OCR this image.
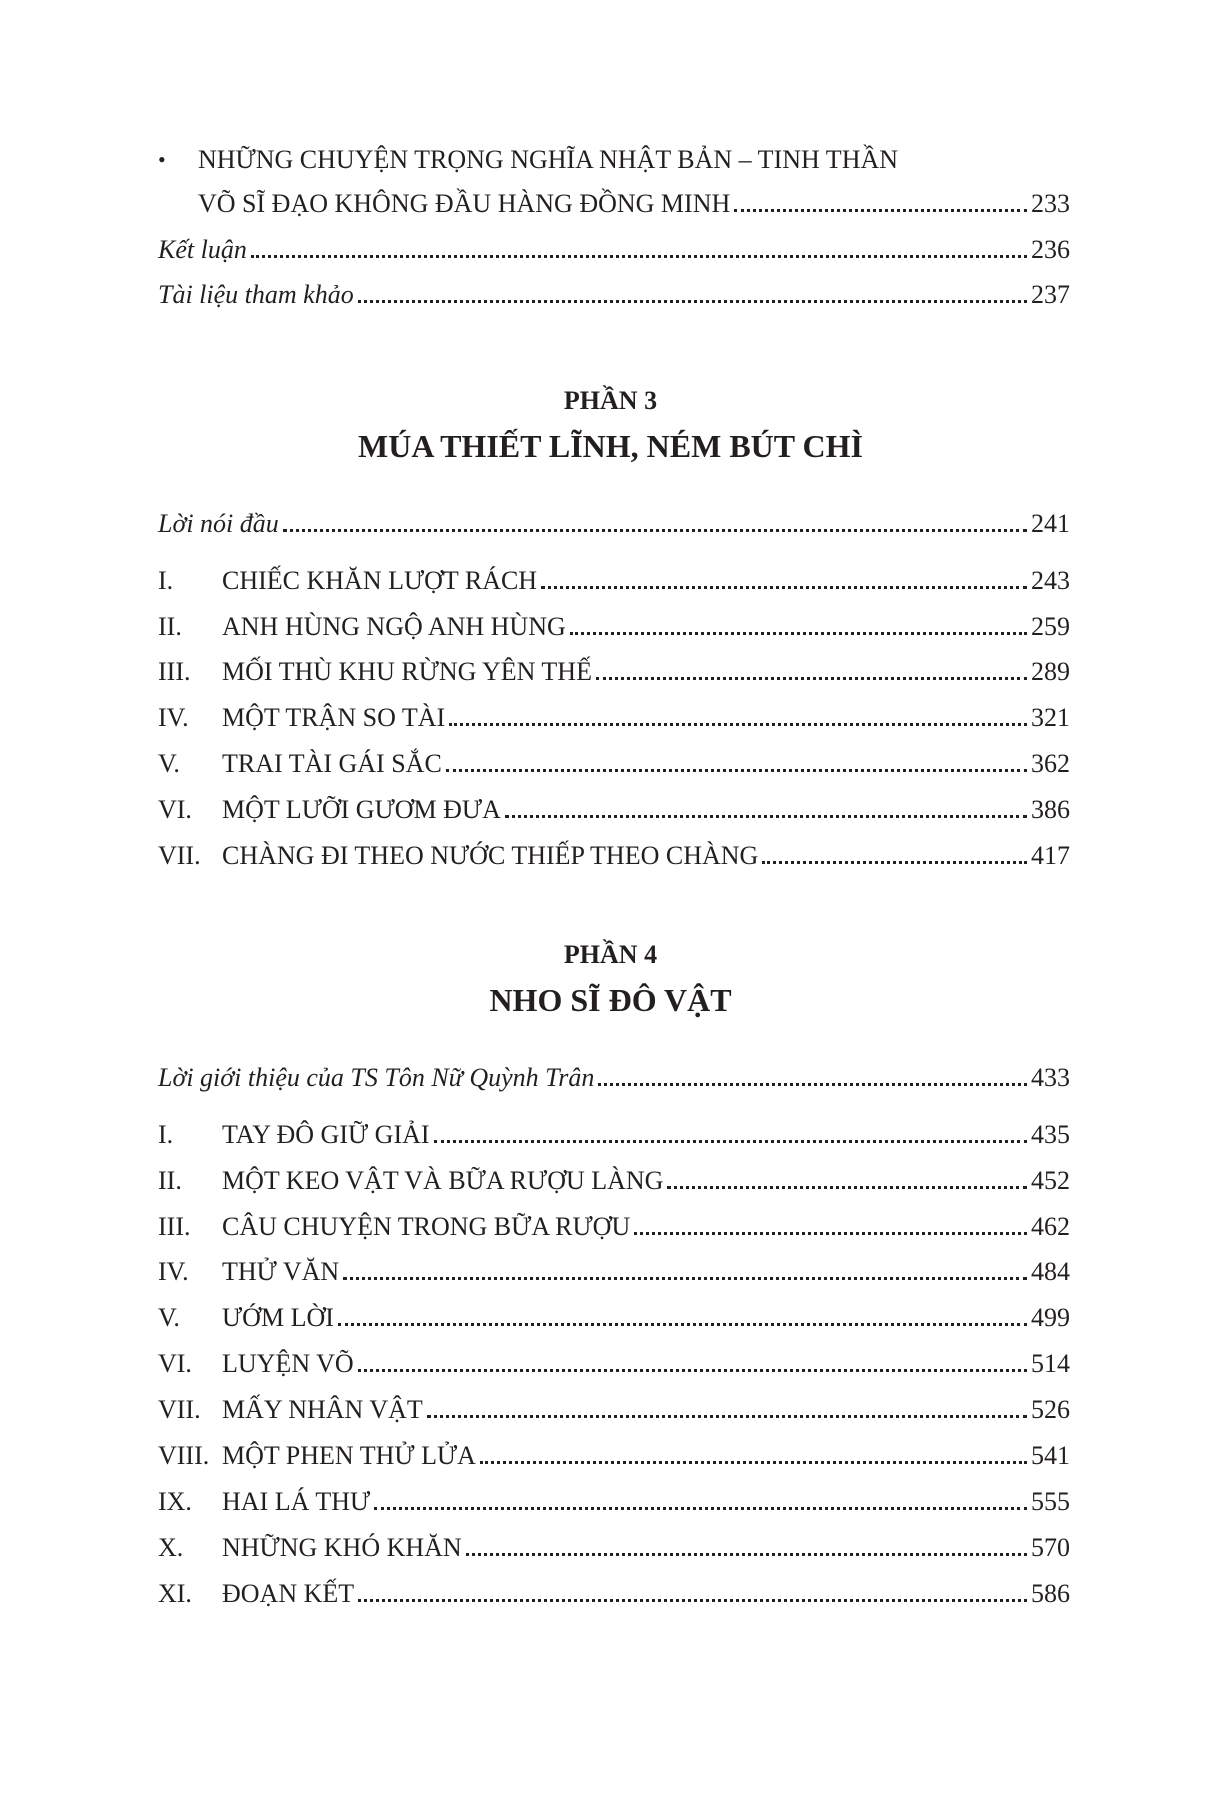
•	NHỮNG CHUYỆN TRỌNG NGHĨA NHẬT BẢN – TINH THẦN
VÕ SĨ ĐẠO KHÔNG ĐẦU HÀNG ĐỒNG MINH	233
Kết luận	236
Tài liệu tham khảo	237
PHẦN 3
MÚA THIẾT LĨNH, NÉM BÚT CHÌ
Lời nói đầu	241
I.	CHIẾC KHĂN LƯỢT RÁCH	243
II.	ANH HÙNG NGỘ ANH HÙNG	259
III.	MỐI THÙ KHU RỪNG YÊN THẾ	289
IV.	MỘT TRẬN SO TÀI	321
V.	TRAI TÀI GÁI SẮC	362
VI.	MỘT LƯỠI GƯƠM ĐƯA	386
VII. CHÀNG ĐI THEO NƯỚC THIẾP THEO CHÀNG	417
PHẦN 4
NHO SĨ ĐÔ VẬT
Lời giới thiệu của TS Tôn Nữ Quỳnh Trân	433
I.	TAY ĐÔ GIỮ GIẢI	435
II.	MỘT KEO VẬT VÀ BỮA RƯỢU LÀNG	452
III.	CÂU CHUYỆN TRONG BỮA RƯỢU	462
IV.	THỬ VĂN	484
V.	ƯỚM LỜI	499
VI.	LUYỆN VÕ	514
VII. MẤY NHÂN VẬT	526
VIII. MỘT PHEN THỬ LỬA	541
IX.	HAI LÁ THƯ	555
X.	NHỮNG KHÓ KHĂN	570
XI.	ĐOẠN KẾT	586
